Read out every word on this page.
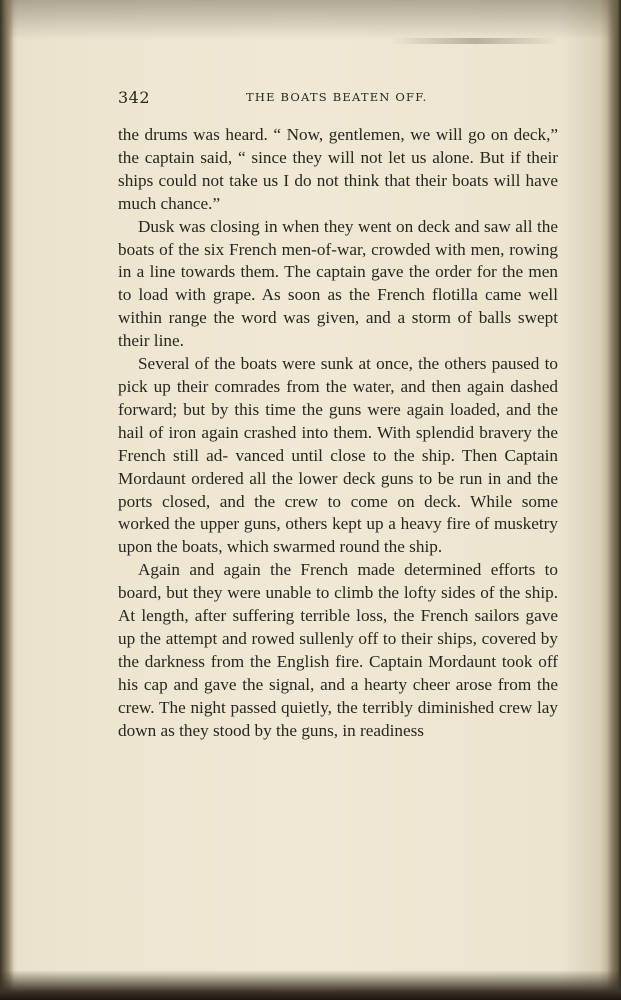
342	THE BOATS BEATEN OFF.

the drums was heard. “ Now, gentlemen, we will go on deck,” the captain said, “ since they will not let us alone. But if their ships could not take us I do not think that their boats will have much chance.”

Dusk was closing in when they went on deck and saw all the boats of the six French men-of-war, crowded with men, rowing in a line towards them. The captain gave the order for the men to load with grape. As soon as the French flotilla came well within range the word was given, and a storm of balls swept their line.

Several of the boats were sunk at once, the others paused to pick up their comrades from the water, and then again dashed forward; but by this time the guns were again loaded, and the hail of iron again crashed into them. With splendid bravery the French still ad- vanced until close to the ship. Then Captain Mordaunt ordered all the lower deck guns to be run in and the ports closed, and the crew to come on deck. While some worked the upper guns, others kept up a heavy fire of musketry upon the boats, which swarmed round the ship.

Again and again the French made determined efforts to board, but they were unable to climb the lofty sides of the ship. At length, after suffering terrible loss, the French sailors gave up the attempt and rowed sullenly off to their ships, covered by the darkness from the English fire. Captain Mordaunt took off his cap and gave the signal, and a hearty cheer arose from the crew. The night passed quietly, the terribly diminished crew lay down as they stood by the guns, in readiness
